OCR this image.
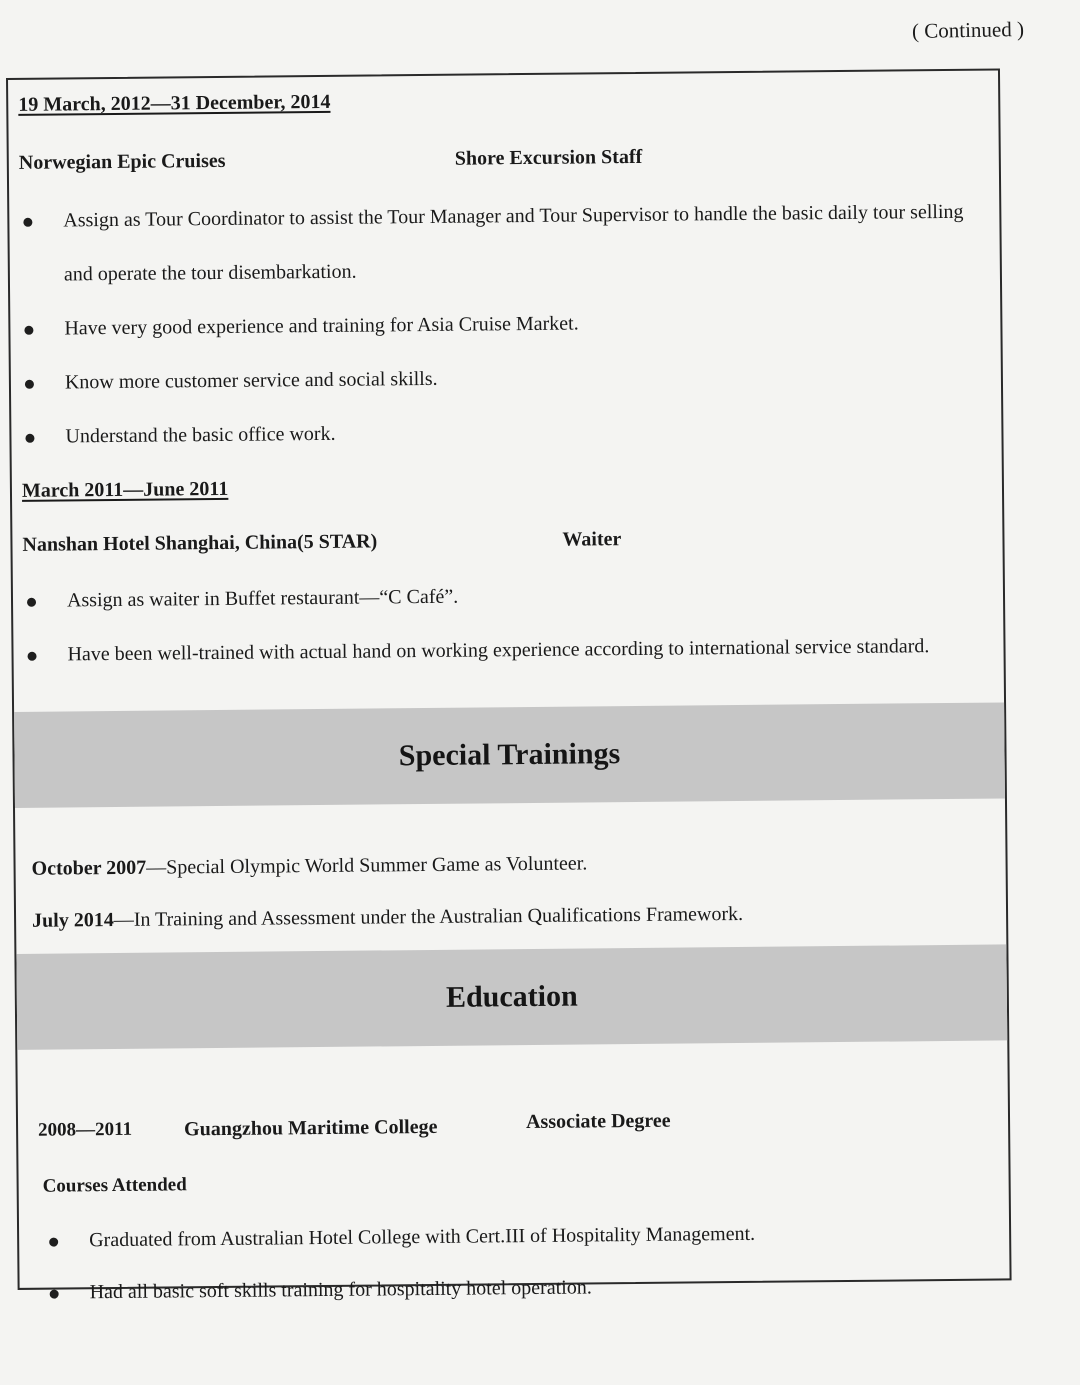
( Continued )
19 March, 2012—31 December, 2014
Norwegian Epic Cruises	Shore Excursion Staff
Assign as Tour Coordinator to assist the Tour Manager and Tour Supervisor to handle the basic daily tour selling and operate the tour disembarkation.
Have very good experience and training for Asia Cruise Market.
Know more customer service and social skills.
Understand the basic office work.
March 2011—June 2011
Nanshan Hotel Shanghai, China(5 STAR)	Waiter
Assign as waiter in Buffet restaurant—“C Café”.
Have been well-trained with actual hand on working experience according to international service standard.
Special Trainings
October 2007—Special Olympic World Summer Game as Volunteer.
July 2014—In Training and Assessment under the Australian Qualifications Framework.
Education
2008—2011	Guangzhou Maritime College	Associate Degree
Courses Attended
Graduated from Australian Hotel College with Cert.III of Hospitality Management.
Had all basic soft skills training for hospitality hotel operation.
